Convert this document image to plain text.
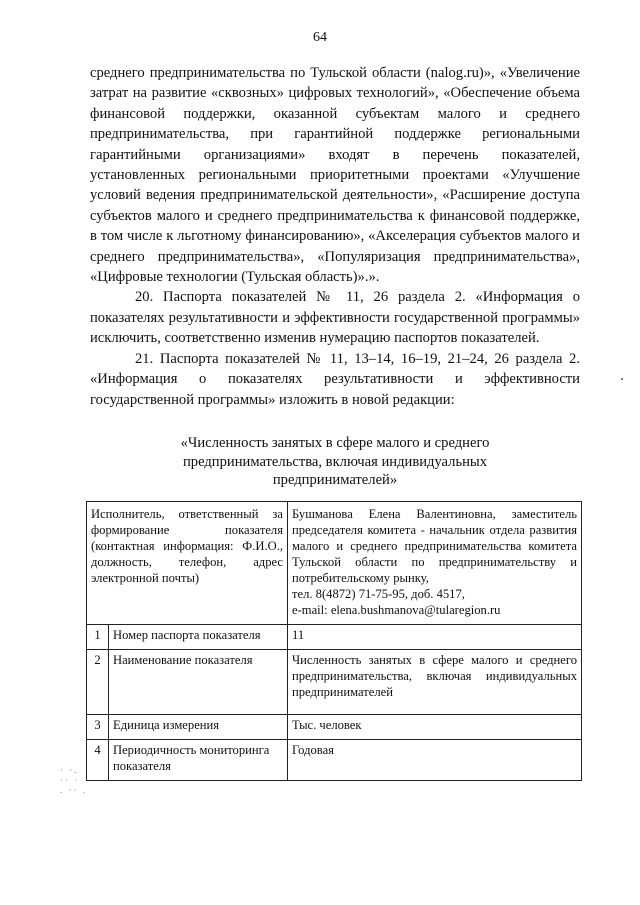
64

среднего предпринимательства по Тульской области (nalog.ru)», «Увеличение затрат на развитие «сквозных» цифровых технологий», «Обеспечение объема финансовой поддержки, оказанной субъектам малого и среднего предпринимательства, при гарантийной поддержке региональными гарантийными организациями» входят в перечень показателей, установленных региональными приоритетными проектами «Улучшение условий ведения предпринимательской деятельности», «Расширение доступа субъектов малого и среднего предпринимательства к финансовой поддержке, в том числе к льготному финансированию», «Акселерация субъектов малого и среднего предпринимательства», «Популяризация предпринимательства», «Цифровые технологии (Тульская область)».».

20. Паспорта показателей № 11, 26 раздела 2. «Информация о показателях результативности и эффективности государственной программы» исключить, соответственно изменив нумерацию паспортов показателей.

21. Паспорта показателей № 11, 13–14, 16–19, 21–24, 26 раздела 2. «Информация о показателях результативности и эффективности государственной программы» изложить в новой редакции:

«Численность занятых в сфере малого и среднего предпринимательства, включая индивидуальных предпринимателей»
Исполнитель, ответственный за формирование показателя (контактная информация: Ф.И.О., должность, телефон, адрес электронной почты)		Бушманова Елена Валентиновна, заместитель председателя комитета - начальник отдела развития малого и среднего предпринимательства комитета Тульской области по предпринимательству и потребительскому рынку,
тел. 8(4872) 71-75-95, доб. 4517,
e-mail: elena.bushmanova@tularegion.ru

1	Номер паспорта показателя	11
2	Наименование показателя	Численность занятых в сфере малого и среднего предпринимательства, включая индивидуальных предпринимателей
3	Единица измерения	Тыс. человек
4	Периодичность мониторинга показателя	Годовая
· ·.
·· ·
. ·· .
